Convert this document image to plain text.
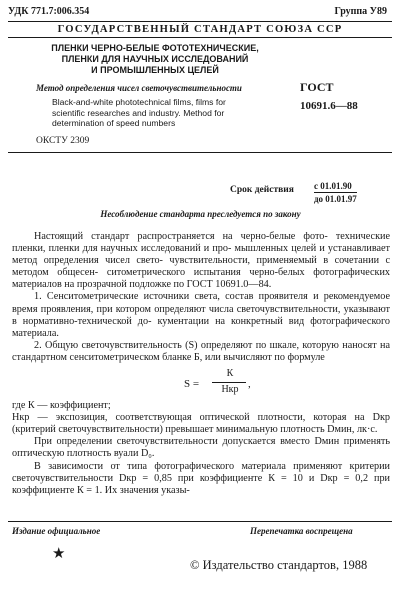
УДК 771.7:006.354	Группа У89
ГОСУДАРСТВЕННЫЙ СТАНДАРТ СОЮЗА ССР
ПЛЕНКИ ЧЕРНО-БЕЛЫЕ ФОТОТЕХНИЧЕСКИЕ,
ПЛЕНКИ ДЛЯ НАУЧНЫХ ИССЛЕДОВАНИЙ
И ПРОМЫШЛЕННЫХ ЦЕЛЕЙ
Метод определения чисел светочувствительности
Black-and-white phototechnical films, films for
scientific researches and industry. Method for
determination of speed numbers
ГОСТ
10691.6—88
ОКСТУ 2309
Срок действия с 01.01.90
до 01.01.97
Несоблюдение стандарта преследуется по закону

Настоящий стандарт распространяется на черно-белые фото- технические пленки, пленки для научных исследований и про- мышленных целей и устанавливает метод определения чисел свето- чувствительности, применяемый в сочетании с методом общесен- ситометрического испытания черно-белых фотографических материалов на прозрачной подложке по ГОСТ 10691.0—84.

1. Сенситометрические источники света, состав проявителя и рекомендуемое время проявления, при котором определяют числа светочувствительности, указывают в нормативно-технической до- кументации на конкретный вид фотографического материала.

2. Общую светочувствительность (S) определяют по шкале, которую наносят на стандартном сенситометрическом бланке Б, или вычисляют по формуле

S =
К
Hкр ,

где К — коэффициент;

Hкр — экспозиция, соответствующая оптической плотности, которая на Dкр (критерий светочувствительности) превышает минимальную плотность Dмин, лк·с.

При определении светочувствительности допускается вместо Dмин применять оптическую плотность вуали D₀.

В зависимости от типа фотографического материала применяют критерии светочувствительности Dкр = 0,85 при коэффициенте К = 10 и Dкр = 0,2 при коэффициенте К = 1. Их значения указы-

Издание официальное	Перепечатка воспрещена
★
© Издательство стандартов, 1988
